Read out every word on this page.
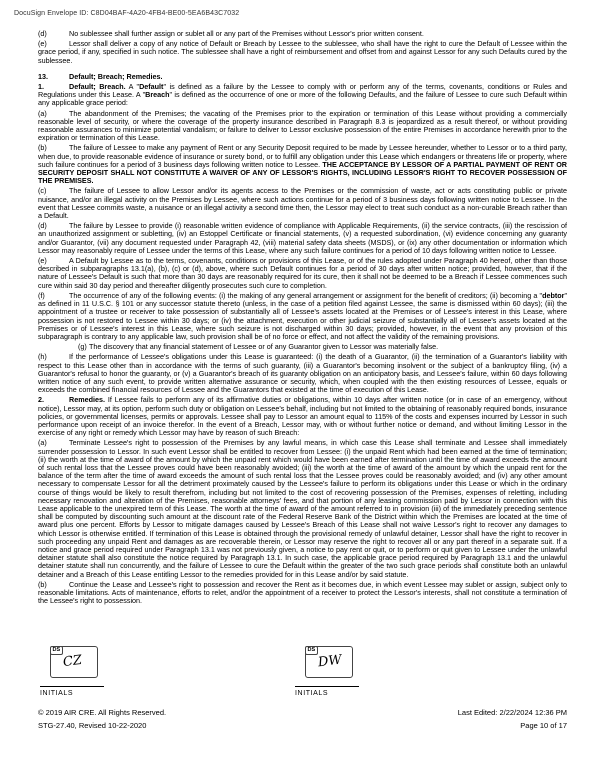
DocuSign Envelope ID: C8D04BAF-4A20-4FB4-BE00-5EA6B43C7032
(d)	No sublessee shall further assign or sublet all or any part of the Premises without Lessor's prior written consent.
(e)	Lessor shall deliver a copy of any notice of Default or Breach by Lessee to the sublessee, who shall have the right to cure the Default of Lessee within the grace period, if any, specified in such notice. The sublessee shall have a right of reimbursement and offset from and against Lessor for any such Defaults cured by the sublessee.
13.	Default; Breach; Remedies.
1.	Default; Breach. A "Default" is defined as a failure by the Lessee to comply with or perform any of the terms, covenants, conditions or Rules and Regulations under this Lease. A "Breach" is defined as the occurrence of one or more of the following Defaults, and the failure of Lessee to cure such Default within any applicable grace period:
(a)	The abandonment of the Premises; the vacating of the Premises prior to the expiration or termination of this Lease without providing a commercially reasonable level of security, or where the coverage of the property insurance described in Paragraph 8.3 is jeopardized as a result thereof, or without providing reasonable assurances to minimize potential vandalism; or failure to deliver to Lessor exclusive possession of the entire Premises in accordance herewith prior to the expiration or termination of this Lease.
(b)	The failure of Lessee to make any payment of Rent or any Security Deposit required to be made by Lessee hereunder, whether to Lessor or to a third party, when due, to provide reasonable evidence of insurance or surety bond, or to fulfill any obligation under this Lease which endangers or threatens life or property, where such failure continues for a period of 3 business days following written notice to Lessee. THE ACCEPTANCE BY LESSOR OF A PARTIAL PAYMENT OF RENT OR SECURITY DEPOSIT SHALL NOT CONSTITUTE A WAIVER OF ANY OF LESSOR'S RIGHTS, INCLUDING LESSOR'S RIGHT TO RECOVER POSSESSION OF THE PREMISES.
(c)	The failure of Lessee to allow Lessor and/or its agents access to the Premises or the commission of waste, act or acts constituting public or private nuisance, and/or an illegal activity on the Premises by Lessee, where such actions continue for a period of 3 business days following written notice to Lessee. In the event that Lessee commits waste, a nuisance or an illegal activity a second time then, the Lessor may elect to treat such conduct as a non-curable Breach rather than a Default.
(d)	The failure by Lessee to provide (i) reasonable written evidence of compliance with Applicable Requirements, (ii) the service contracts, (iii) the rescission of an unauthorized assignment or subletting, (iv) an Estoppel Certificate or financial statements, (v) a requested subordination, (vi) evidence concerning any guaranty and/or Guarantor, (vii) any document requested under Paragraph 42, (viii) material safety data sheets (MSDS), or (ix) any other documentation or information which Lessor may reasonably require of Lessee under the terms of this Lease, where any such failure continues for a period of 10 days following written notice to Lessee.
(e)	A Default by Lessee as to the terms, covenants, conditions or provisions of this Lease, or of the rules adopted under Paragraph 40 hereof, other than those described in subparagraphs 13.1(a), (b), (c) or (d), above, where such Default continues for a period of 30 days after written notice; provided, however, that if the nature of Lessee's Default is such that more than 30 days are reasonably required for its cure, then it shall not be deemed to be a Breach if Lessee commences such cure within said 30 day period and thereafter diligently prosecutes such cure to completion.
(f)	The occurrence of any of the following events: (i) the making of any general arrangement or assignment for the benefit of creditors; (ii) becoming a "debtor" as defined in 11 U.S.C. § 101 or any successor statute thereto (unless, in the case of a petition filed against Lessee, the same is dismissed within 60 days); (iii) the appointment of a trustee or receiver to take possession of substantially all of Lessee's assets located at the Premises or of Lessee's interest in this Lease, where possession is not restored to Lessee within 30 days; or (iv) the attachment, execution or other judicial seizure of substantially all of Lessee's assets located at the Premises or of Lessee's interest in this Lease, where such seizure is not discharged within 30 days; provided, however, in the event that any provision of this subparagraph is contrary to any applicable law, such provision shall be of no force or effect, and not affect the validity of the remaining provisions.
(g) The discovery that any financial statement of Lessee or of any Guarantor given to Lessor was materially false.
(h)	If the performance of Lessee's obligations under this Lease is guaranteed: (i) the death of a Guarantor, (ii) the termination of a Guarantor's liability with respect to this Lease other than in accordance with the terms of such guaranty, (iii) a Guarantor's becoming insolvent or the subject of a bankruptcy filing, (iv) a Guarantor's refusal to honor the guaranty, or (v) a Guarantor's breach of its guaranty obligation on an anticipatory basis, and Lessee's failure, within 60 days following written notice of any such event, to provide written alternative assurance or security, which, when coupled with the then existing resources of Lessee, equals or exceeds the combined financial resources of Lessee and the Guarantors that existed at the time of execution of this Lease.
2.	Remedies. If Lessee fails to perform any of its affirmative duties or obligations, within 10 days after written notice (or in case of an emergency, without notice), Lessor may, at its option, perform such duty or obligation on Lessee's behalf, including but not limited to the obtaining of reasonably required bonds, insurance policies, or governmental licenses, permits or approvals. Lessee shall pay to Lessor an amount equal to 115% of the costs and expenses incurred by Lessor in such performance upon receipt of an invoice therefor. In the event of a Breach, Lessor may, with or without further notice or demand, and without limiting Lessor in the exercise of any right or remedy which Lessor may have by reason of such Breach:
(a)	Terminate Lessee's right to possession of the Premises by any lawful means, in which case this Lease shall terminate and Lessee shall immediately surrender possession to Lessor. In such event Lessor shall be entitled to recover from Lessee: (i) the unpaid Rent which had been earned at the time of termination; (ii) the worth at the time of award of the amount by which the unpaid rent which would have been earned after termination until the time of award exceeds the amount of such rental loss that the Lessee proves could have been reasonably avoided; (iii) the worth at the time of award of the amount by which the unpaid rent for the balance of the term after the time of award exceeds the amount of such rental loss that the Lessee proves could be reasonably avoided; and (iv) any other amount necessary to compensate Lessor for all the detriment proximately caused by the Lessee's failure to perform its obligations under this Lease or which in the ordinary course of things would be likely to result therefrom, including but not limited to the cost of recovering possession of the Premises, expenses of reletting, including necessary renovation and alteration of the Premises, reasonable attorneys' fees, and that portion of any leasing commission paid by Lessor in connection with this Lease applicable to the unexpired term of this Lease. The worth at the time of award of the amount referred to in provision (iii) of the immediately preceding sentence shall be computed by discounting such amount at the discount rate of the Federal Reserve Bank of the District within which the Premises are located at the time of award plus one percent. Efforts by Lessor to mitigate damages caused by Lessee's Breach of this Lease shall not waive Lessor's right to recover any damages to which Lessor is otherwise entitled. If termination of this Lease is obtained through the provisional remedy of unlawful detainer, Lessor shall have the right to recover in such proceeding any unpaid Rent and damages as are recoverable therein, or Lessor may reserve the right to recover all or any part thereof in a separate suit. If a notice and grace period required under Paragraph 13.1 was not previously given, a notice to pay rent or quit, or to perform or quit given to Lessee under the unlawful detainer statute shall also constitute the notice required by Paragraph 13.1. In such case, the applicable grace period required by Paragraph 13.1 and the unlawful detainer statute shall run concurrently, and the failure of Lessee to cure the Default within the greater of the two such grace periods shall constitute both an unlawful detainer and a Breach of this Lease entitling Lessor to the remedies provided for in this Lease and/or by said statute.
(b)	Continue the Lease and Lessee's right to possession and recover the Rent as it becomes due, in which event Lessee may sublet or assign, subject only to reasonable limitations. Acts of maintenance, efforts to relet, and/or the appointment of a receiver to protect the Lessor's interests, shall not constitute a termination of the Lessee's right to possession.
DS
CZ
INITIALS
DS
DW
INITIALS
© 2019 AIR CRE. All Rights Reserved.	Last Edited: 2/22/2024 12:36 PM
STG-27.40, Revised 10-22-2020	Page 10 of 17
